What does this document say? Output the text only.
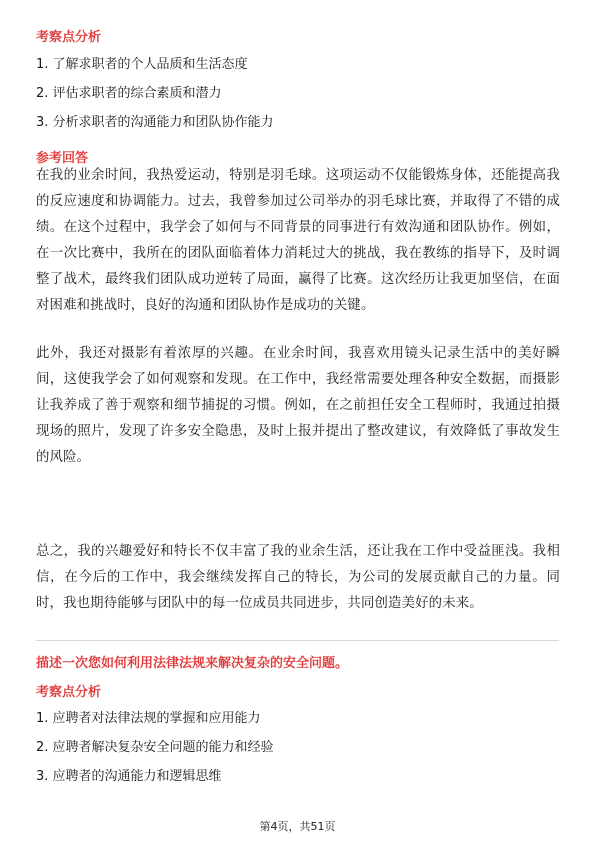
考察点分析
1. 了解求职者的个人品质和生活态度
2. 评估求职者的综合素质和潜力
3. 分析求职者的沟通能力和团队协作能力
参考回答
在我的业余时间，我热爱运动，特别是羽毛球。这项运动不仅能锻炼身体，还能提高我的反应速度和协调能力。过去，我曾参加过公司举办的羽毛球比赛，并取得了不错的成绩。在这个过程中，我学会了如何与不同背景的同事进行有效沟通和团队协作。例如，在一次比赛中，我所在的团队面临着体力消耗过大的挑战，我在教练的指导下，及时调整了战术，最终我们团队成功逆转了局面，赢得了比赛。这次经历让我更加坚信，在面对困难和挑战时，良好的沟通和团队协作是成功的关键。
此外，我还对摄影有着浓厚的兴趣。在业余时间，我喜欢用镜头记录生活中的美好瞬间，这使我学会了如何观察和发现。在工作中，我经常需要处理各种安全数据，而摄影让我养成了善于观察和细节捕捉的习惯。例如，在之前担任安全工程师时，我通过拍摄现场的照片，发现了许多安全隐患，及时上报并提出了整改建议，有效降低了事故发生的风险。
总之，我的兴趣爱好和特长不仅丰富了我的业余生活，还让我在工作中受益匪浅。我相信，在今后的工作中，我会继续发挥自己的特长，为公司的发展贡献自己的力量。同时，我也期待能够与团队中的每一位成员共同进步，共同创造美好的未来。
描述一次您如何利用法律法规来解决复杂的安全问题。
考察点分析
1. 应聘者对法律法规的掌握和应用能力
2. 应聘者解决复杂安全问题的能力和经验
3. 应聘者的沟通能力和逻辑思维
第4页，共51页
